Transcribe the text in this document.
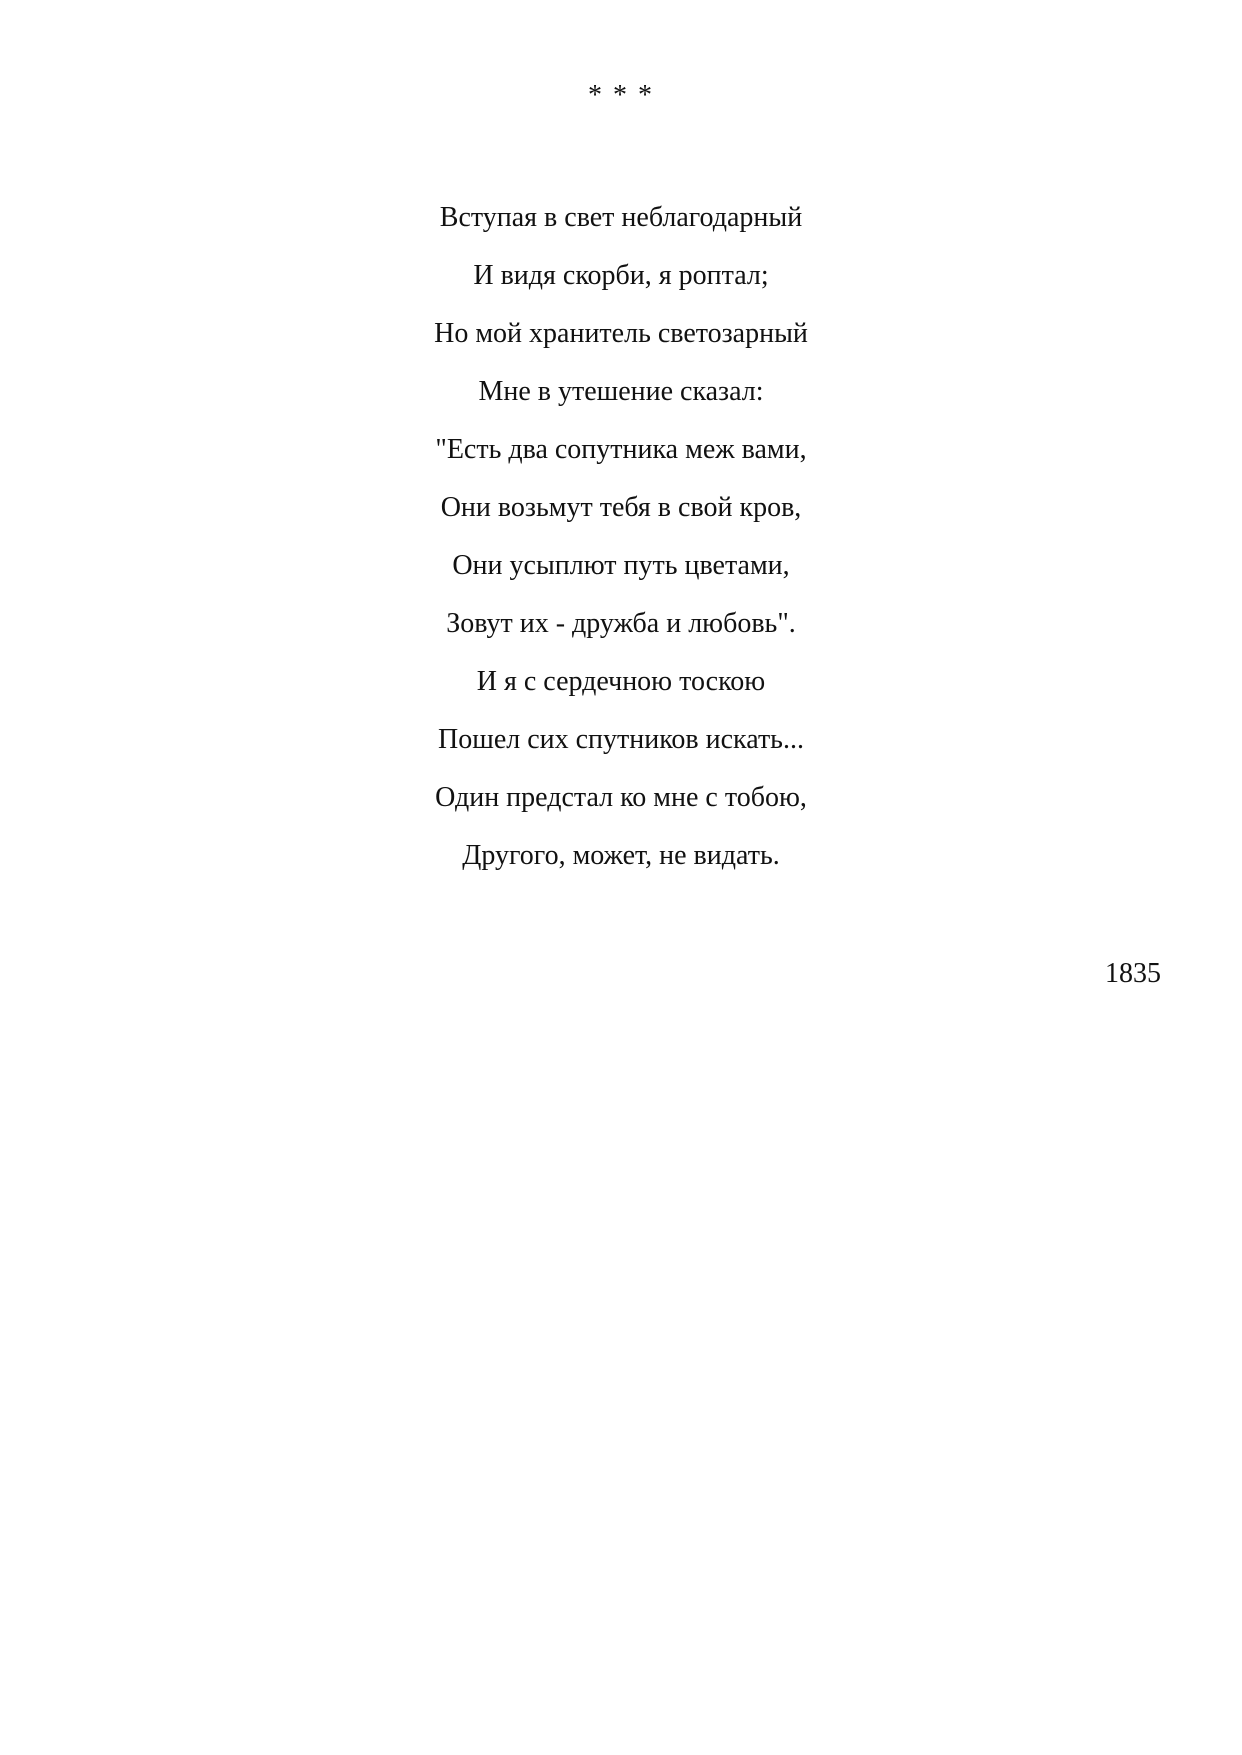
* * *
Вступая в свет неблагодарный
И видя скорби, я роптал;
Но мой хранитель светозарный
Мне в утешение сказал:
"Есть два сопутника меж вами,
Они возьмут тебя в свой кров,
Они усыплют путь цветами,
Зовут их - дружба и любовь".
И я с сердечною тоскою
Пошел сих спутников искать...
Один предстал ко мне с тобою,
Другого, может, не видать.
1835
